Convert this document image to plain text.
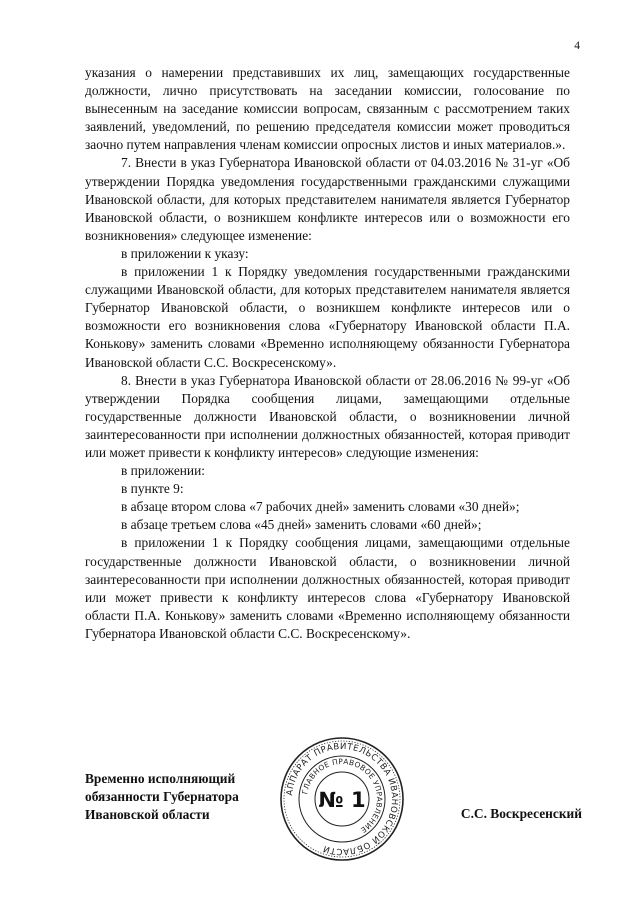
4

указания о намерении представивших их лиц, замещающих государственные должности, лично присутствовать на заседании комиссии, голосование по вынесенным на заседание комиссии вопросам, связанным с рассмотрением таких заявлений, уведомлений, по решению председателя комиссии может проводиться заочно путем направления членам комиссии опросных листов и иных материалов.».

7. Внести в указ Губернатора Ивановской области от 04.03.2016 № 31-уг «Об утверждении Порядка уведомления государственными гражданскими служащими Ивановской области, для которых представителем нанимателя является Губернатор Ивановской области, о возникшем конфликте интересов или о возможности его возникновения» следующее изменение:

в приложении к указу:

в приложении 1 к Порядку уведомления государственными гражданскими служащими Ивановской области, для которых представителем нанимателя является Губернатор Ивановской области, о возникшем конфликте интересов или о возможности его возникновения слова «Губернатору Ивановской области П.А. Конькову» заменить словами «Временно исполняющему обязанности Губернатора Ивановской области С.С. Воскресенскому».

8. Внести в указ Губернатора Ивановской области от 28.06.2016 № 99-уг «Об утверждении Порядка сообщения лицами, замещающими отдельные государственные должности Ивановской области, о возникновении личной заинтересованности при исполнении должностных обязанностей, которая приводит или может привести к конфликту интересов» следующие изменения:

в приложении:

в пункте 9:

в абзаце втором слова «7 рабочих дней» заменить словами «30 дней»;

в абзаце третьем слова «45 дней» заменить словами «60 дней»;

в приложении 1 к Порядку сообщения лицами, замещающими отдельные государственные должности Ивановской области, о возникновении личной заинтересованности при исполнении должностных обязанностей, которая приводит или может привести к конфликту интересов слова «Губернатору Ивановской области П.А. Конькову» заменить словами «Временно исполняющему обязанности Губернатора Ивановской области С.С. Воскресенскому».

Временно исполняющий
обязанности Губернатора
Ивановской области
АППАРАТ ПРАВИТЕЛЬСТВА ИВАНОВСКОЙ ОБЛАСТИ
ГЛАВНОЕ ПРАВОВОЕ УПРАВЛЕНИЕ
№ 1
С.С. Воскресенский
